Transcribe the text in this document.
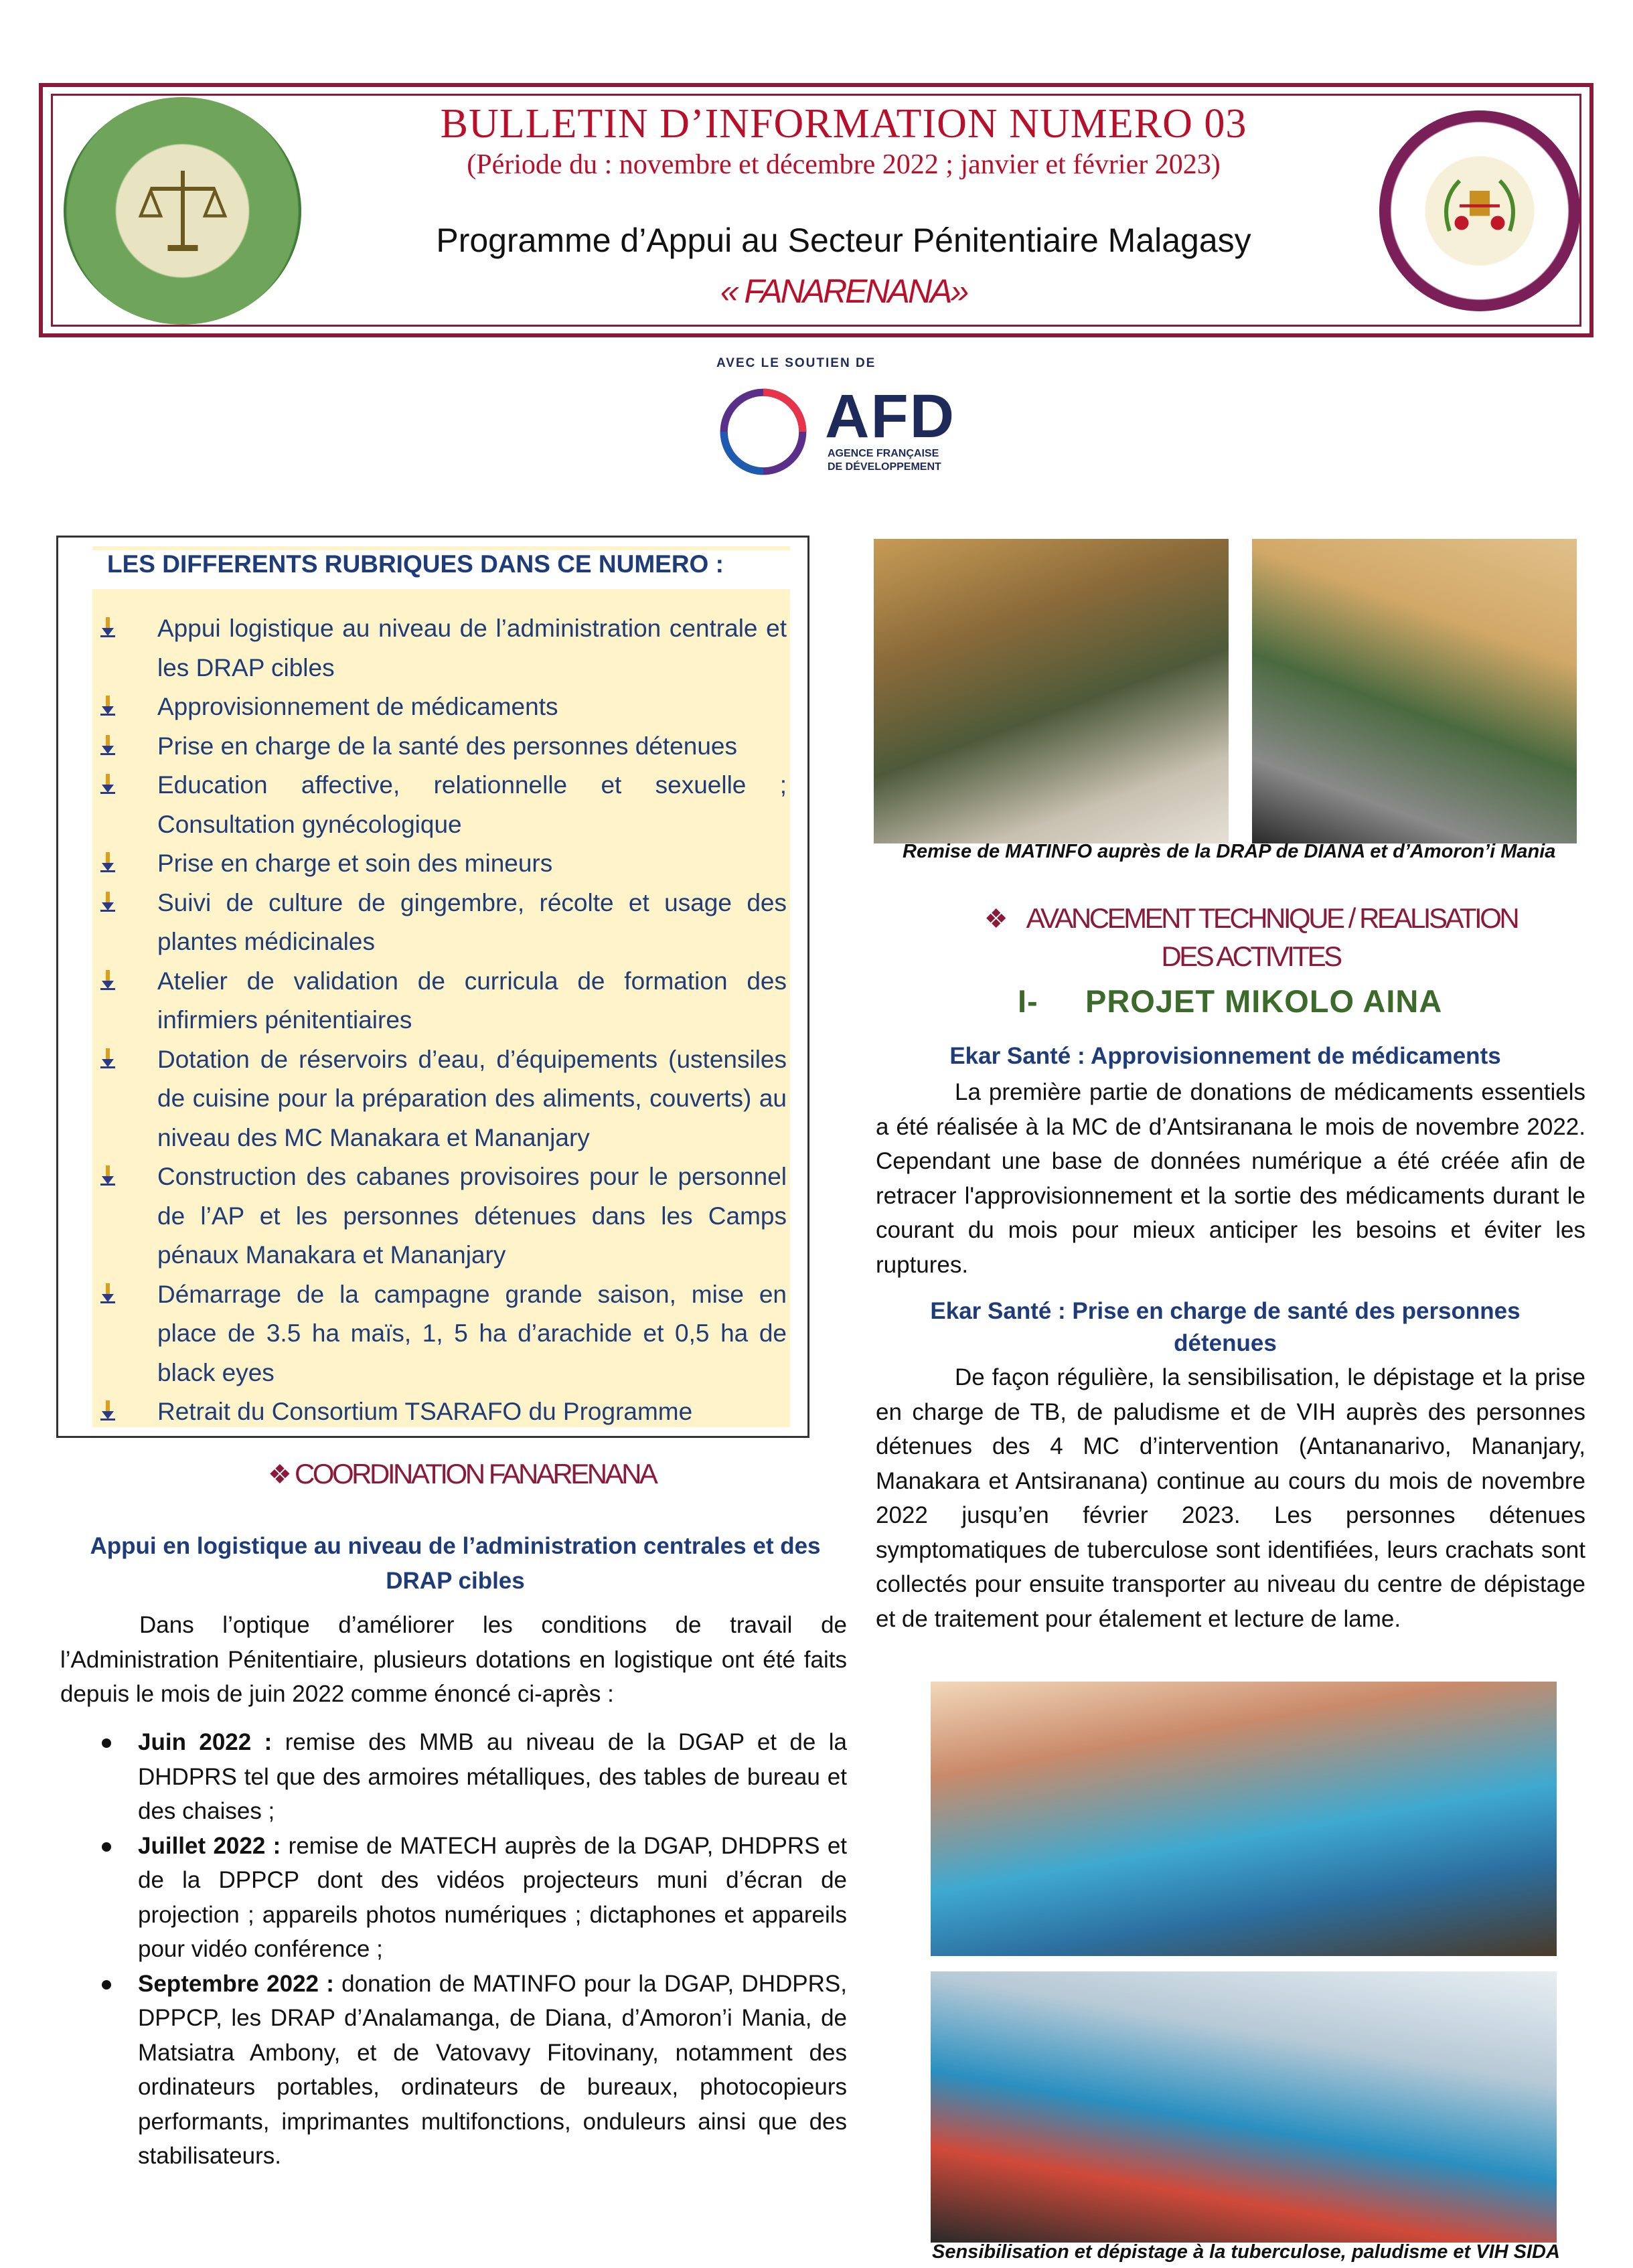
BULLETIN D’INFORMATION NUMERO 03
(Période du : novembre et décembre 2022 ; janvier et février 2023)
Programme d’Appui au Secteur Pénitentiaire Malagasy
« FANARENANA»
AVEC LE SOUTIEN DE
AFD
AGENCE FRANÇAISE
DE DÉVELOPPEMENT
LES DIFFERENTS RUBRIQUES DANS CE NUMERO :
Appui logistique au niveau de l’administration centrale et les DRAP cibles
Approvisionnement de médicaments
Prise en charge de la santé des personnes détenues
Education affective, relationnelle et sexuelle ; Consultation gynécologique
Prise en charge et soin des mineurs
Suivi de culture de gingembre, récolte et usage des plantes médicinales
Atelier de validation de curricula de formation des infirmiers pénitentiaires
Dotation de réservoirs d’eau, d’équipements (ustensiles de cuisine pour la préparation des aliments, couverts) au niveau des MC Manakara et Mananjary
Construction des cabanes provisoires pour le personnel de l’AP et les personnes détenues dans les Camps pénaux Manakara et Mananjary
Démarrage de la campagne grande saison, mise en place de 3.5 ha maïs, 1, 5 ha d’arachide et 0,5 ha de black eyes
Retrait du Consortium TSARAFO du Programme
❖ COORDINATION FANARENANA
Appui en logistique au niveau de l’administration centrales et des DRAP cibles
Dans l’optique d’améliorer les conditions de travail de l’Administration Pénitentiaire, plusieurs dotations en logistique ont été faits depuis le mois de juin 2022 comme énoncé ci-après :
Juin 2022 : remise des MMB au niveau de la DGAP et de la DHDPRS tel que des armoires métalliques, des tables de bureau et des chaises ;
Juillet 2022 : remise de MATECH auprès de la DGAP, DHDPRS et de la DPPCP dont des vidéos projecteurs muni d’écran de projection ; appareils photos numériques ; dictaphones et appareils pour vidéo conférence ;
Septembre 2022 : donation de MATINFO pour la DGAP, DHDPRS, DPPCP, les DRAP d’Analamanga, de Diana, d’Amoron’i Mania, de Matsiatra Ambony, et de Vatovavy Fitovinany, notamment des ordinateurs portables, ordinateurs de bureaux, photocopieurs performants, imprimantes multifonctions, onduleurs ainsi que des stabilisateurs.
Remise de MATINFO auprès de la DRAP de DIANA et d’Amoron’i Mania
❖    AVANCEMENT TECHNIQUE / REALISATION DES ACTIVITES
I- PROJET MIKOLO AINA
Ekar Santé : Approvisionnement de médicaments
La première partie de donations de médicaments essentiels a été réalisée à la MC de d’Antsiranana le mois de novembre 2022. Cependant une base de données numérique a été créée afin de retracer l'approvisionnement et la sortie des médicaments durant le courant du mois pour mieux anticiper les besoins et éviter les ruptures.
Ekar Santé : Prise en charge de santé des personnes détenues
De façon régulière, la sensibilisation, le dépistage et la prise en charge de TB, de paludisme et de VIH auprès des personnes détenues des 4 MC d’intervention (Antananarivo, Mananjary, Manakara et Antsiranana) continue au cours du mois de novembre 2022 jusqu’en février 2023. Les personnes détenues symptomatiques de tuberculose sont identifiées, leurs crachats sont collectés pour ensuite transporter au niveau du centre de dépistage et de traitement pour étalement et lecture de lame.
Sensibilisation et dépistage à la tuberculose, paludisme et VIH SIDA
